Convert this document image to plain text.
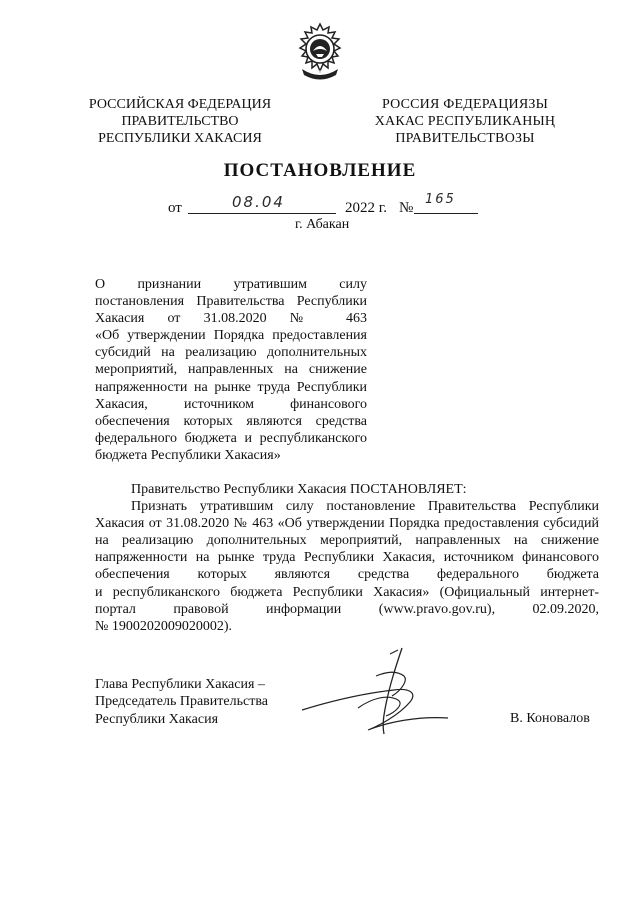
РОССИЙСКАЯ ФЕДЕРАЦИЯ
ПРАВИТЕЛЬСТВО
РЕСПУБЛИКИ ХАКАСИЯ
РОССИЯ ФЕДЕРАЦИЯЗЫ
ХАКАС РЕСПУБЛИКАНЫҢ
ПРАВИТЕЛЬСТВОЗЫ
ПОСТАНОВЛЕНИЕ
от	08.04	2022 г. №
165
г. Абакан
О признании утратившим силу
постановления Правительства Республики
Хакасия от 31.08.2020 № 463
«Об утверждении Порядка предоставления
субсидий на реализацию дополнительных
мероприятий, направленных на снижение
напряженности на рынке труда Республики
Хакасия, источником финансового
обеспечения которых являются средства
федерального бюджета и республиканского
бюджета Республики Хакасия»
Правительство Республики Хакасия ПОСТАНОВЛЯЕТ:
Признать утратившим силу постановление Правительства Республики
Хакасия от 31.08.2020 № 463 «Об утверждении Порядка предоставления субсидий
на реализацию дополнительных мероприятий, направленных на снижение
напряженности на рынке труда Республики Хакасия, источником финансового
обеспечения которых являются средства федерального бюджета
и республиканского бюджета Республики Хакасия» (Официальный интернет-
портал правовой информации (www.pravo.gov.ru), 02.09.2020,
№ 1900202009020002).
Глава Республики Хакасия –
Председатель Правительства
Республики Хакасия	В. Коновалов
